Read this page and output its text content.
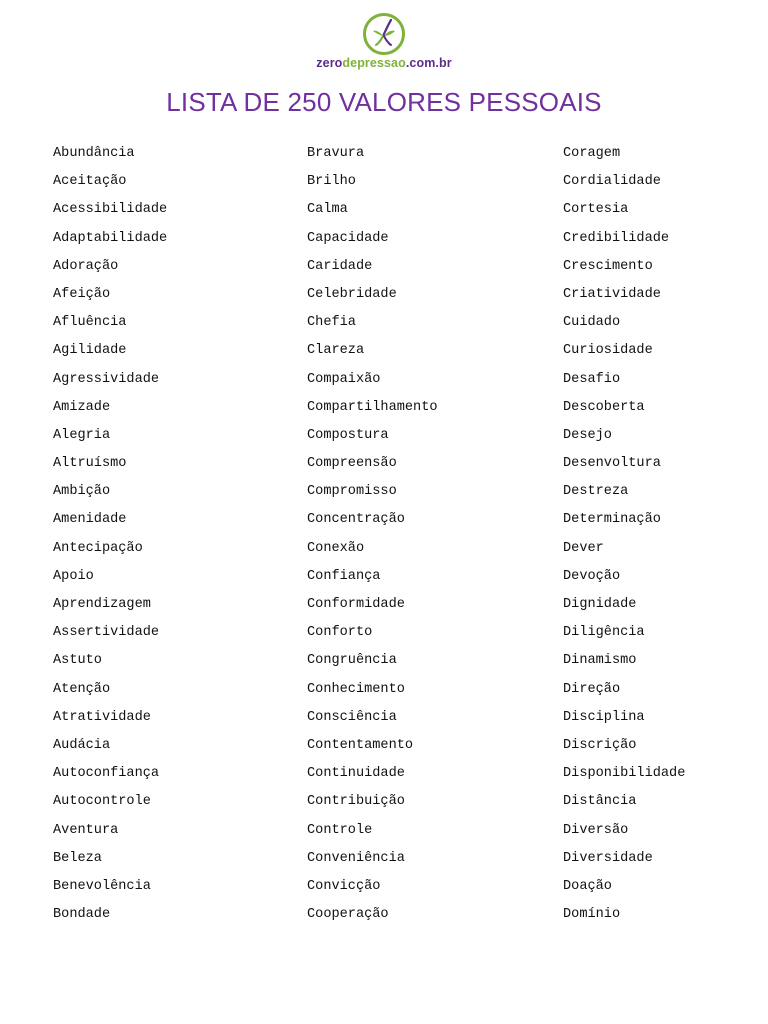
zerodepressao.com.br
LISTA DE 250 VALORES PESSOAIS
Abundância
Aceitação
Acessibilidade
Adaptabilidade
Adoração
Afeição
Afluência
Agilidade
Agressividade
Amizade
Alegria
Altruísmo
Ambição
Amenidade
Antecipação
Apoio
Aprendizagem
Assertividade
Astuto
Atenção
Atratividade
Audácia
Autoconfiança
Autocontrole
Aventura
Beleza
Benevolência
Bondade
Bravura
Brilho
Calma
Capacidade
Caridade
Celebridade
Chefia
Clareza
Compaixão
Compartilhamento
Compostura
Compreensão
Compromisso
Concentração
Conexão
Confiança
Conformidade
Conforto
Congruência
Conhecimento
Consciência
Contentamento
Continuidade
Contribuição
Controle
Conveniência
Convicção
Cooperação
Coragem
Cordialidade
Cortesia
Credibilidade
Crescimento
Criatividade
Cuidado
Curiosidade
Desafio
Descoberta
Desejo
Desenvoltura
Destreza
Determinação
Dever
Devoção
Dignidade
Diligência
Dinamismo
Direção
Disciplina
Discrição
Disponibilidade
Distância
Diversão
Diversidade
Doação
Domínio
